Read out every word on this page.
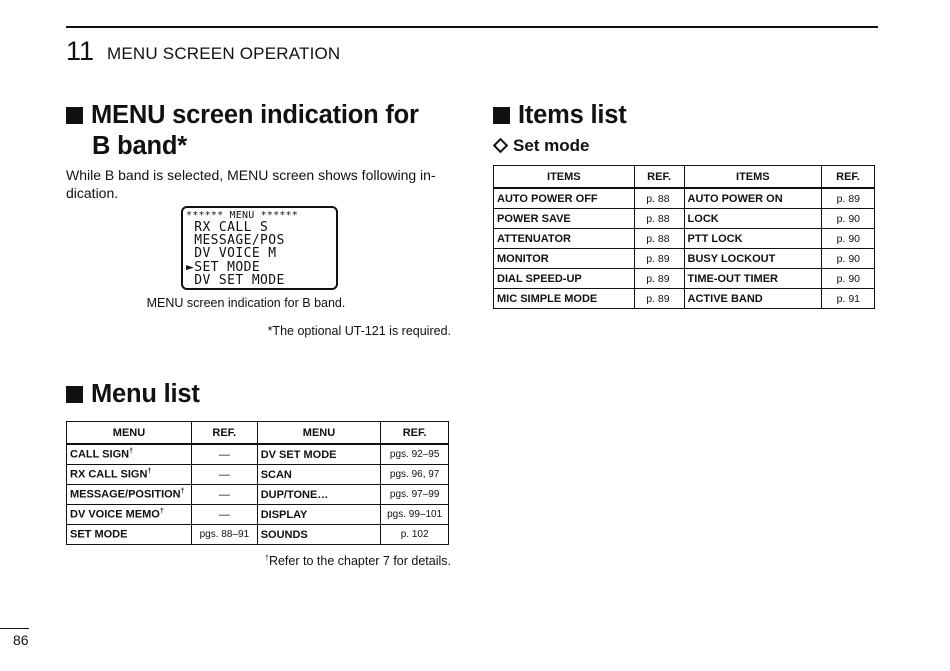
11 MENU SCREEN OPERATION
MENU screen indication for
B band*
While B band is selected, MENU screen shows following in-dication.
****** MENU ******
RX CALL S
MESSAGE/POS
DV VOICE M
►SET MODE
DV SET MODE
MENU screen indication for B band.
*The optional UT-121 is required.
Menu list
MENU	REF.	MENU	REF.
CALL SIGN†	—	DV SET MODE	pgs. 92–95
RX CALL SIGN†	—	SCAN	pgs. 96, 97
MESSAGE/POSITION†	—	DUP/TONE…	pgs. 97–99
DV VOICE MEMO†	—	DISPLAY	pgs. 99–101
SET MODE	pgs. 88–91	SOUNDS	p. 102
†Refer to the chapter 7 for details.
Items list
Set mode
ITEMS	REF.	ITEMS	REF.
AUTO POWER OFF	p. 88	AUTO POWER ON	p. 89
POWER SAVE	p. 88	LOCK	p. 90
ATTENUATOR	p. 88	PTT LOCK	p. 90
MONITOR	p. 89	BUSY LOCKOUT	p. 90
DIAL SPEED-UP	p. 89	TIME-OUT TIMER	p. 90
MIC SIMPLE MODE	p. 89	ACTIVE BAND	p. 91
86
